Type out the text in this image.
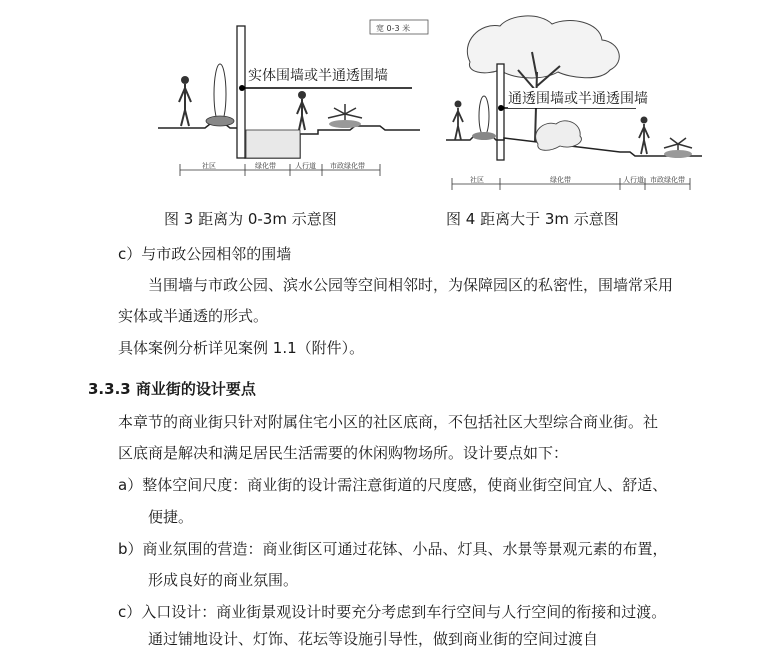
宽 0-3 米
社区	绿化带	人行道 市政绿化带
实体围墙或半通透围墙
社区	绿化带	人行道 市政绿化带
通透围墙或半通透围墙
图 3 距离为 0-3m 示意图	图 4 距离大于 3m 示意图
c）与市政公园相邻的围墙
当围墙与市政公园、滨水公园等空间相邻时，为保障园区的私密性，围墙常采用
实体或半通透的形式。
具体案例分析详见案例 1.1（附件）。
3.3.3 商业街的设计要点
本章节的商业街只针对附属住宅小区的社区底商，不包括社区大型综合商业街。社
区底商是解决和满足居民生活需要的休闲购物场所。设计要点如下：
a）整体空间尺度：商业街的设计需注意街道的尺度感，使商业街空间宜人、舒适、
便捷。
b）商业氛围的营造：商业街区可通过花钵、小品、灯具、水景等景观元素的布置，
形成良好的商业氛围。
c）入口设计：商业街景观设计时要充分考虑到车行空间与人行空间的衔接和过渡。
通过铺地设计、灯饰、花坛等设施引导性，做到商业街的空间过渡自
